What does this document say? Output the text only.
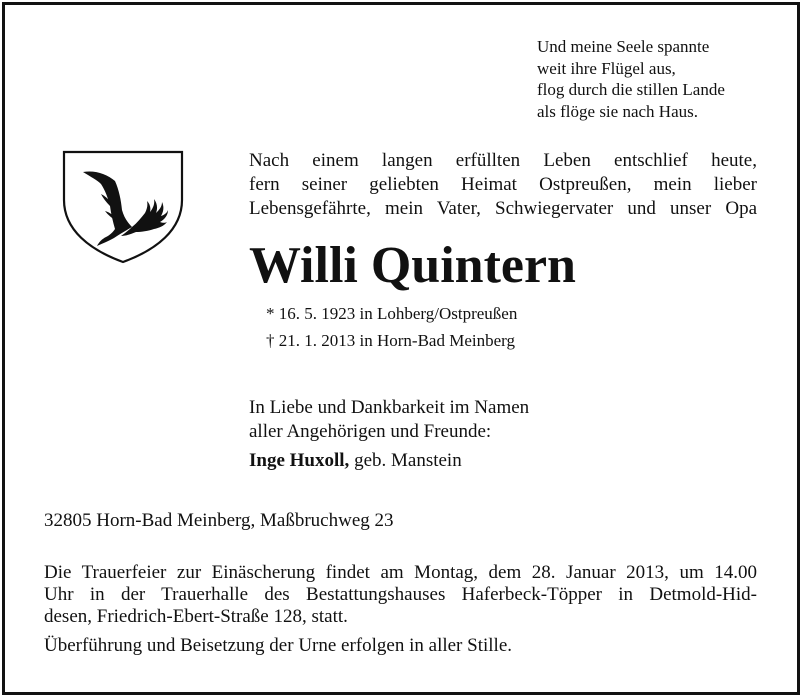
Und meine Seele spannte
weit ihre Flügel aus,
flog durch die stillen Lande
als flöge sie nach Haus.
Nach einem langen erfüllten Leben entschlief heute,
fern seiner geliebten Heimat Ostpreußen, mein lieber
Lebensgefährte, mein Vater, Schwiegervater und unser Opa
Willi Quintern
* 16. 5. 1923 in Lohberg/Ostpreußen
† 21. 1. 2013 in Horn-Bad Meinberg
In Liebe und Dankbarkeit im Namen
aller Angehörigen und Freunde:
Inge Huxoll, geb. Manstein
32805 Horn-Bad Meinberg, Maßbruchweg 23
Die Trauerfeier zur Einäscherung findet am Montag, dem 28. Januar 2013, um 14.00
Uhr in der Trauerhalle des Bestattungshauses Haferbeck-Töpper in Detmold-Hid-
desen, Friedrich-Ebert-Straße 128, statt.
Überführung und Beisetzung der Urne erfolgen in aller Stille.
